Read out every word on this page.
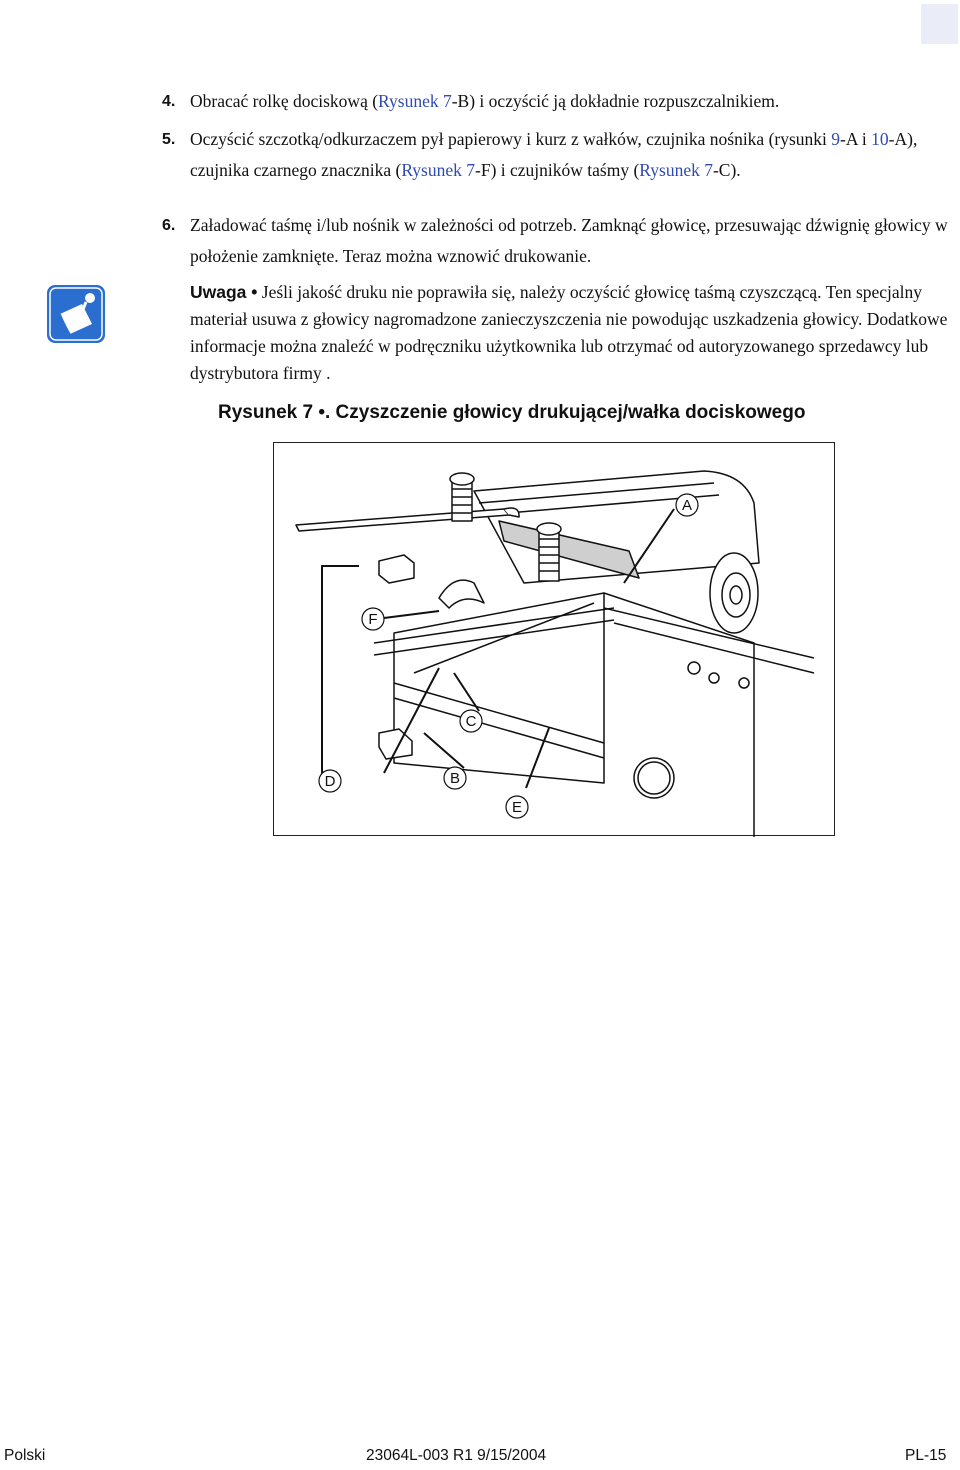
4. Obracać rolkę dociskową (Rysunek 7-B) i oczyścić ją dokładnie rozpuszczalnikiem.
5. Oczyścić szczotką/odkurzaczem pył papierowy i kurz z wałków, czujnika nośnika (rysunki 9-A i 10-A), czujnika czarnego znacznika (Rysunek 7-F) i czujników taśmy (Rysunek 7-C).
6. Załadować taśmę i/lub nośnik w zależności od potrzeb. Zamknąć głowicę, przesuwając dźwignię głowicy w położenie zamknięte. Teraz można wznowić drukowanie.
Uwaga • Jeśli jakość druku nie poprawiła się, należy oczyścić głowicę taśmą czyszczącą. Ten specjalny materiał usuwa z głowicy nagromadzone zanieczyszczenia nie powodując uszkadzenia głowicy. Dodatkowe informacje można znaleźć w podręczniku użytkownika lub otrzymać od autoryzowanego sprzedawcy lub dystrybutora firmy .
Rysunek 7 •. Czyszczenie głowicy drukującej/wałka dociskowego
A
F
C
D	B
E
Polski	23064L-003 R1 9/15/2004	PL-15
